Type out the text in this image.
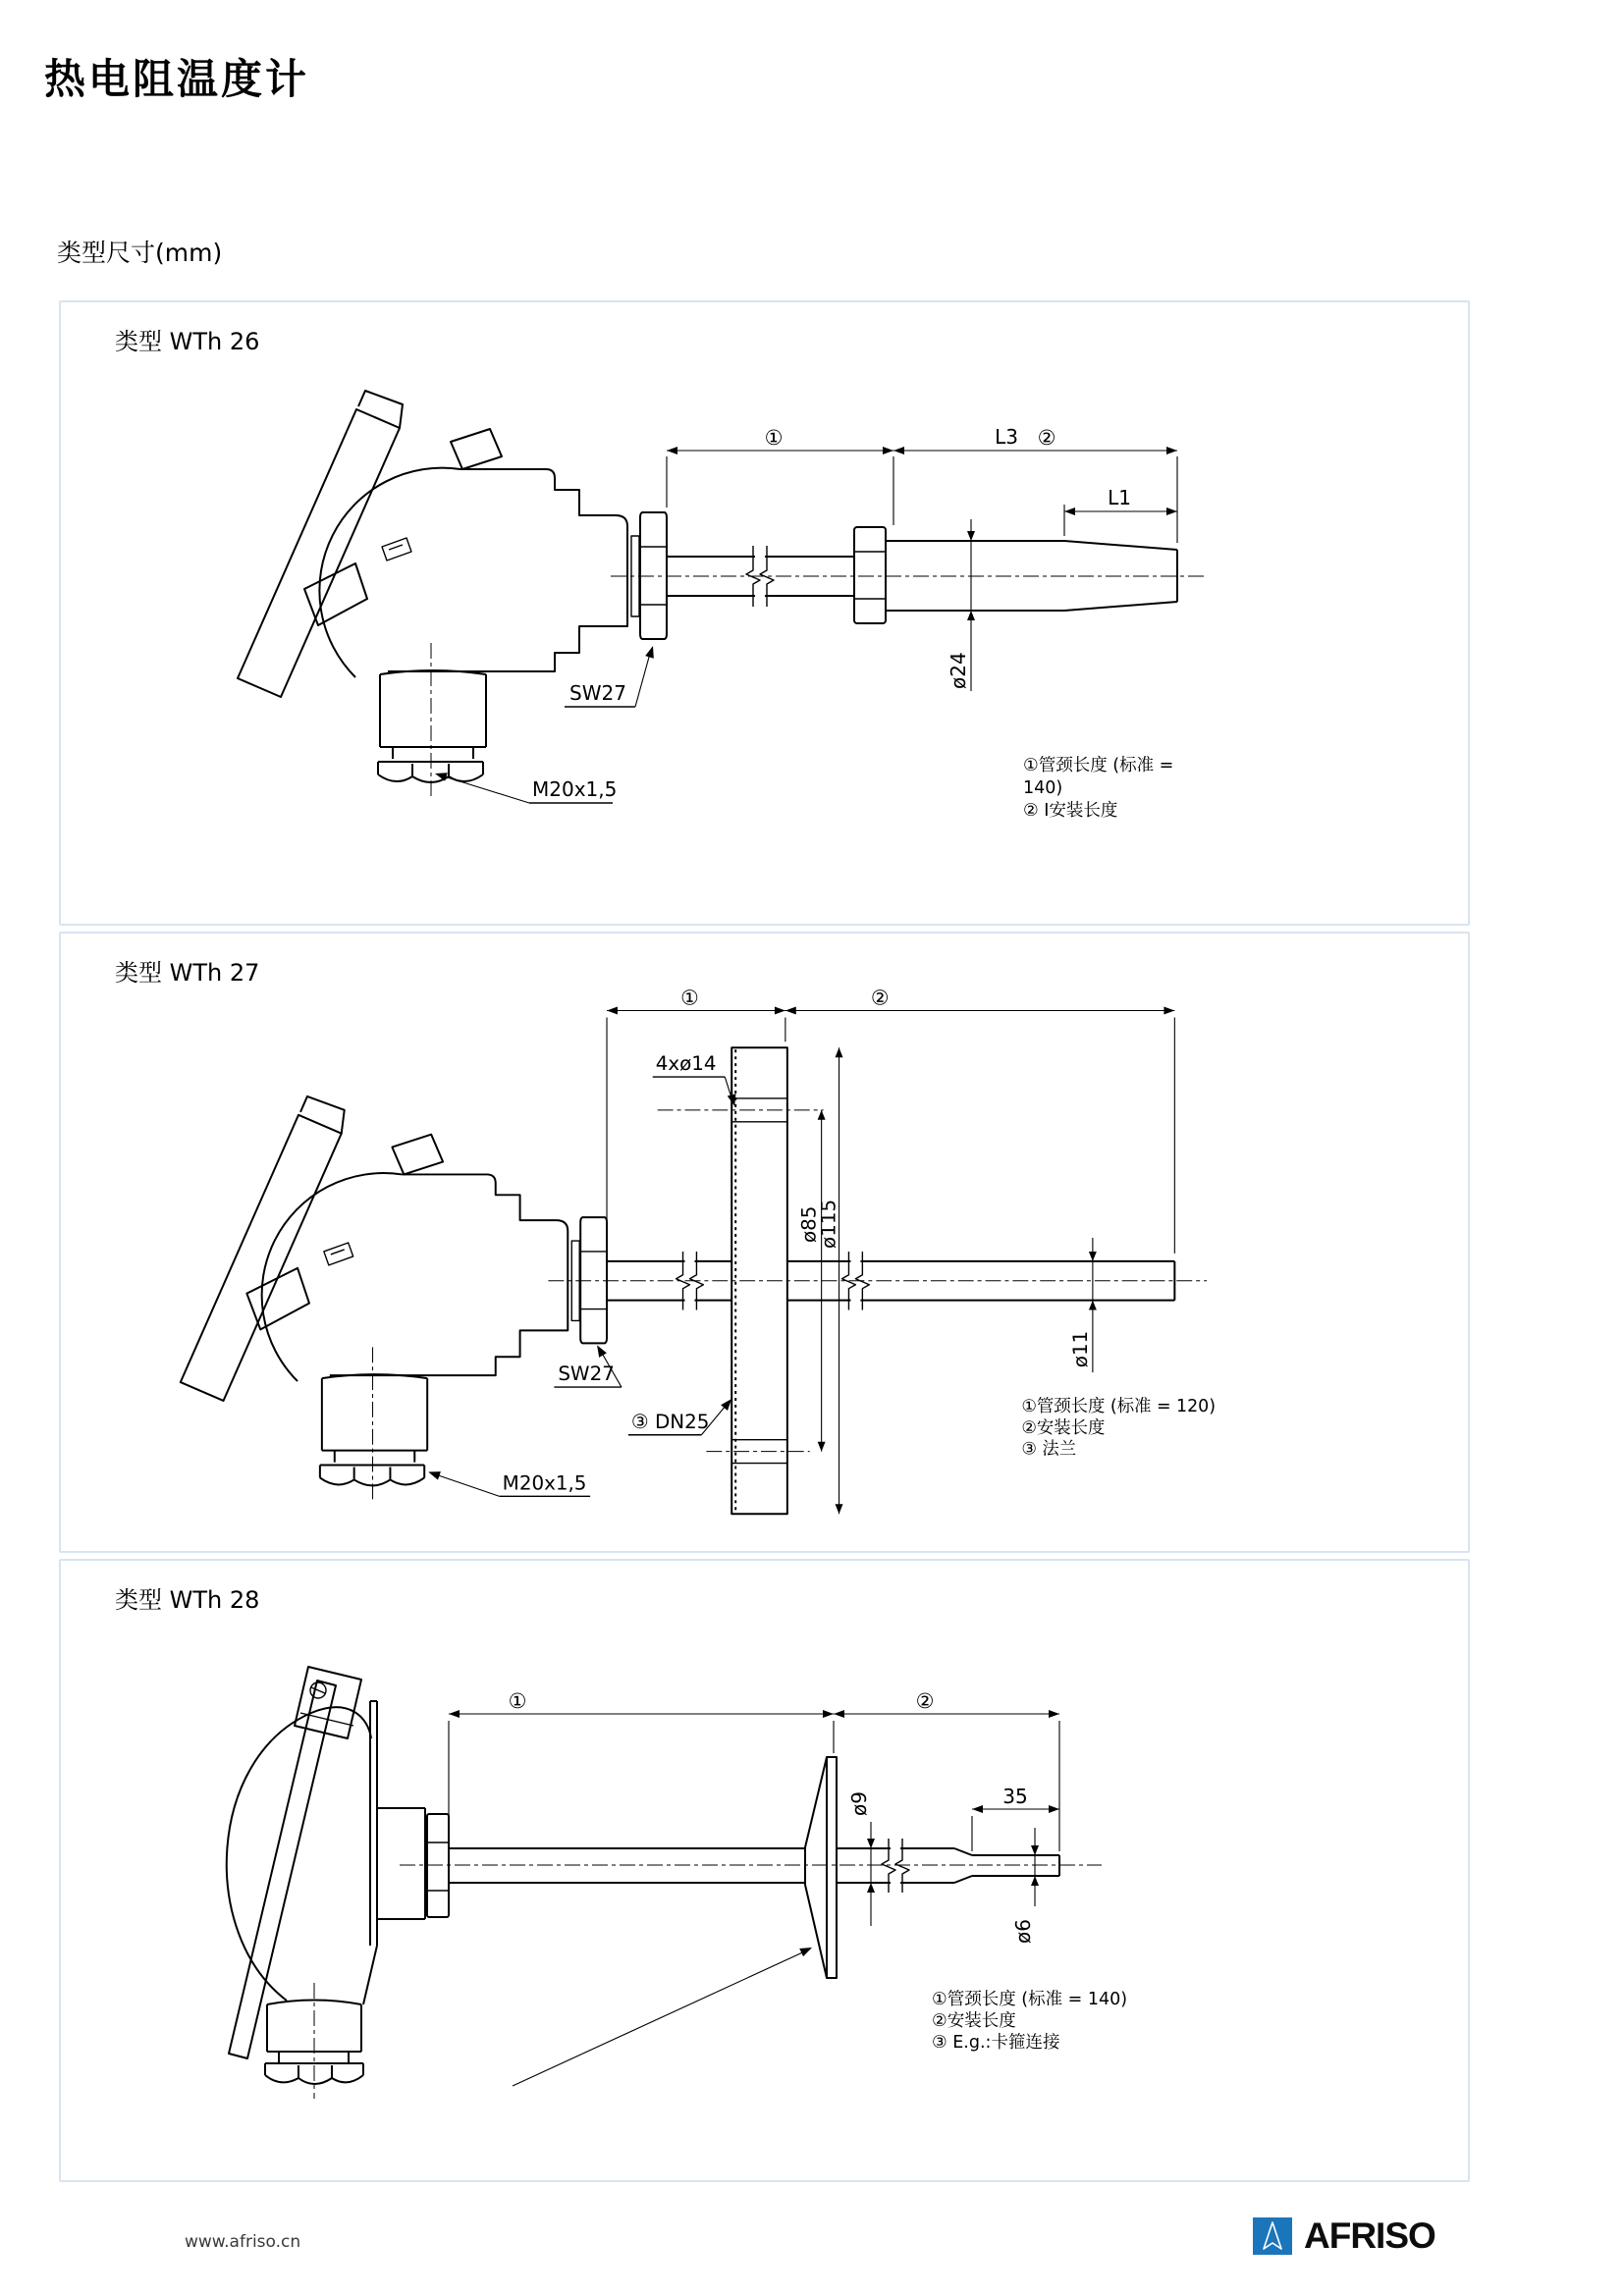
热电阻温度计
类型尺寸(mm)
①	L3 ②
L1
ø24
SW27
M20x1,5
①管颈长度 (标准 =
140)
② I安装长度
类型 WTh 26
①	②
4xø14
ø85
ø115
ø11
③ DN25
SW27
M20x1,5
①管颈长度 (标准 = 120)
②安装长度
③ 法兰
类型 WTh 27
①	②
35
ø9
ø6
①管颈长度 (标准 = 140)
②安装长度
③ E.g.:卡箍连接
类型 WTh 28
www.afriso.cn	AFRISO
